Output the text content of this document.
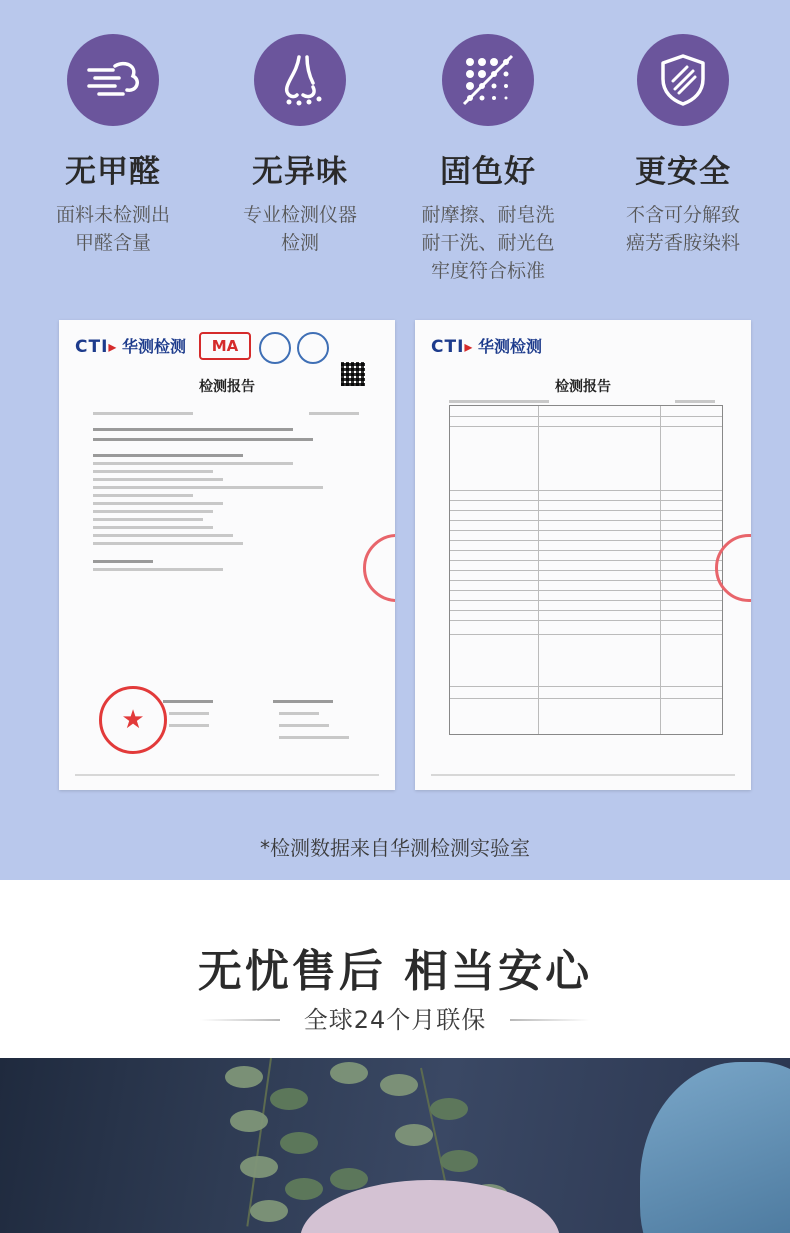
无甲醛
面料未检测出
甲醛含量
无异味
专业检测仪器
检测
固色好
耐摩擦、耐皂洗
耐干洗、耐光色
牢度符合标准
更安全
不含可分解致
癌芳香胺染料
CTI▸ 华测检测	MA
检测报告
★
CTI▸ 华测检测
检测报告
*检测数据来自华测检测实验室
无忧售后 相当安心
全球24个月联保
